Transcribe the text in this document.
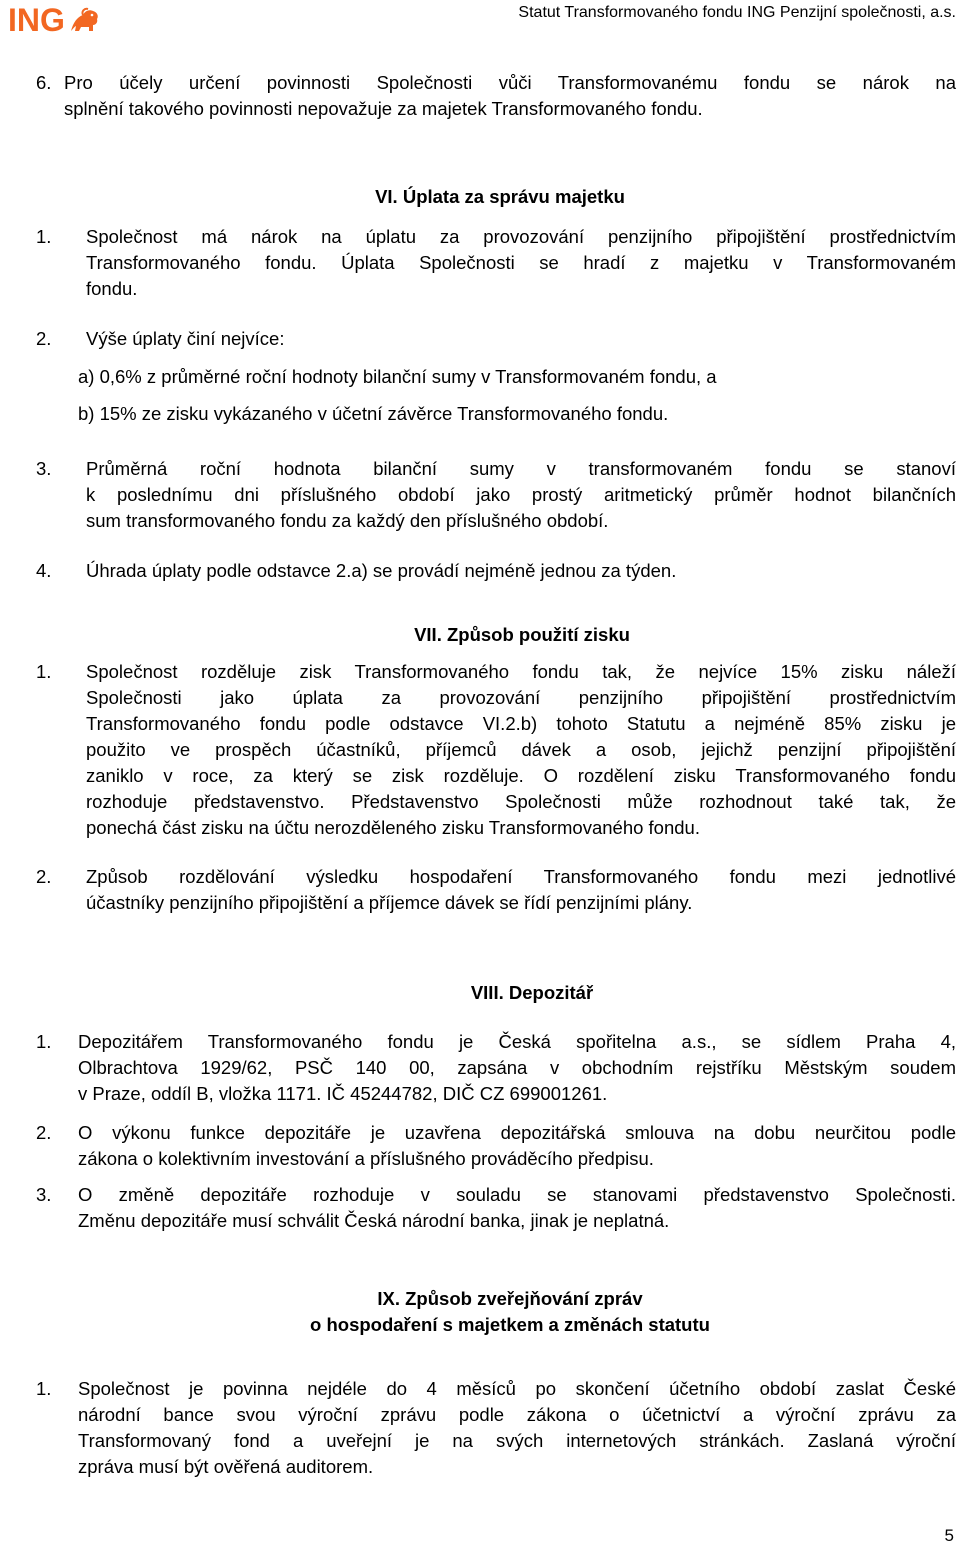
ING	Statut Transformovaného fondu ING Penzijní společnosti, a.s.
6. Pro účely určení povinnosti Společnosti vůči Transformovanému fondu se nárok na
splnění takového povinnosti nepovažuje za majetek Transformovaného fondu.
VI. Úplata za správu majetku
1. Společnost má nárok na úplatu za provozování penzijního připojištění prostřednictvím
Transformovaného fondu. Úplata Společnosti se hradí z majetku v Transformovaném
fondu.
2. Výše úplaty činí nejvíce:
a) 0,6% z průměrné roční hodnoty bilanční sumy v Transformovaném fondu, a
b) 15% ze zisku vykázaného v účetní závěrce Transformovaného fondu.
3. Průměrná roční hodnota bilanční sumy v transformovaném fondu se stanoví
k poslednímu dni příslušného období jako prostý aritmetický průměr hodnot bilančních
sum transformovaného fondu za každý den příslušného období.
4. Úhrada úplaty podle odstavce 2.a) se provádí nejméně jednou za týden.
VII. Způsob použití zisku
1. Společnost rozděluje zisk Transformovaného fondu tak, že nejvíce 15% zisku náleží
Společnosti jako úplata za provozování penzijního připojištění prostřednictvím
Transformovaného fondu podle odstavce VI.2.b) tohoto Statutu a nejméně 85% zisku je
použito ve prospěch účastníků, příjemců dávek a osob, jejichž penzijní připojištění
zaniklo v roce, za který se zisk rozděluje. O rozdělení zisku Transformovaného fondu
rozhoduje představenstvo. Představenstvo Společnosti může rozhodnout také tak, že
ponechá část zisku na účtu nerozděleného zisku Transformovaného fondu.
2. Způsob rozdělování výsledku hospodaření Transformovaného fondu mezi jednotlivé
účastníky penzijního připojištění a příjemce dávek se řídí penzijními plány.
VIII. Depozitář
1. Depozitářem Transformovaného fondu je Česká spořitelna a.s., se sídlem Praha 4,
Olbrachtova 1929/62, PSČ 140 00, zapsána v obchodním rejstříku Městským soudem
v Praze, oddíl B, vložka 1171. IČ 45244782, DIČ CZ 699001261.
2. O výkonu funkce depozitáře je uzavřena depozitářská smlouva na dobu neurčitou podle
zákona o kolektivním investování a příslušného prováděcího předpisu.
3. O změně depozitáře rozhoduje v souladu se stanovami představenstvo Společnosti.
Změnu depozitáře musí schválit Česká národní banka, jinak je neplatná.
IX. Způsob zveřejňování zpráv
o hospodaření s majetkem a změnách statutu
1. Společnost je povinna nejdéle do 4 měsíců po skončení účetního období zaslat České
národní bance svou výroční zprávu podle zákona o účetnictví a výroční zprávu za
Transformovaný fond a uveřejní je na svých internetových stránkách. Zaslaná výroční
zpráva musí být ověřená auditorem.
5
